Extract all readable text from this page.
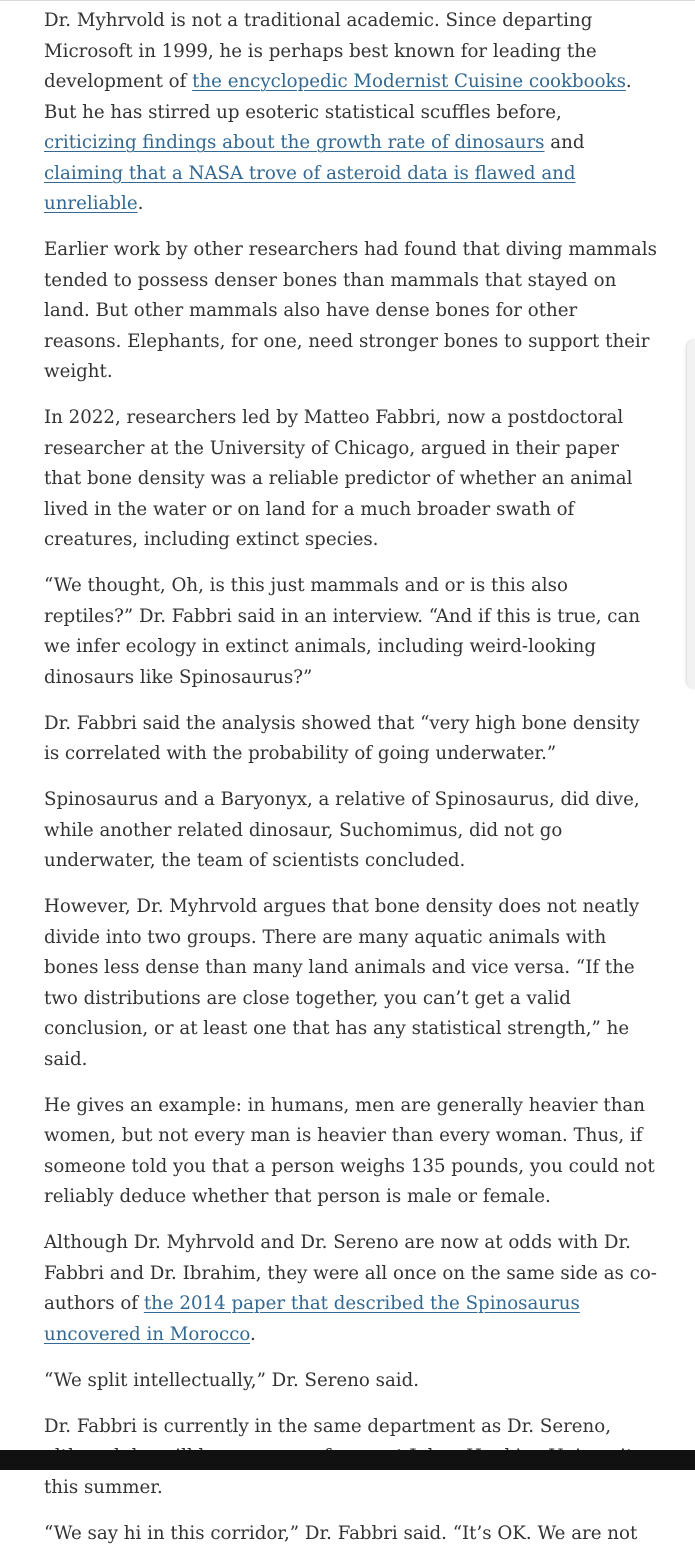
Dr. Myhrvold is not a traditional academic. Since departing Microsoft in 1999, he is perhaps best known for leading the development of the encyclopedic Modernist Cuisine cookbooks. But he has stirred up esoteric statistical scuffles before, criticizing findings about the growth rate of dinosaurs and claiming that a NASA trove of asteroid data is flawed and unreliable.

Earlier work by other researchers had found that diving mammals tended to possess denser bones than mammals that stayed on land. But other mammals also have dense bones for other reasons. Elephants, for one, need stronger bones to support their weight.

In 2022, researchers led by Matteo Fabbri, now a postdoctoral researcher at the University of Chicago, argued in their paper that bone density was a reliable predictor of whether an animal lived in the water or on land for a much broader swath of creatures, including extinct species.

“We thought, Oh, is this just mammals and or is this also reptiles?” Dr. Fabbri said in an interview. “And if this is true, can we infer ecology in extinct animals, including weird-looking dinosaurs like Spinosaurus?”

Dr. Fabbri said the analysis showed that “very high bone density is correlated with the probability of going underwater.”

Spinosaurus and a Baryonyx, a relative of Spinosaurus, did dive, while another related dinosaur, Suchomimus, did not go underwater, the team of scientists concluded.

However, Dr. Myhrvold argues that bone density does not neatly divide into two groups. There are many aquatic animals with bones less dense than many land animals and vice versa. “If the two distributions are close together, you can’t get a valid conclusion, or at least one that has any statistical strength,” he said.

He gives an example: in humans, men are generally heavier than women, but not every man is heavier than every woman. Thus, if someone told you that a person weighs 135 pounds, you could not reliably deduce whether that person is male or female.

Although Dr. Myhrvold and Dr. Sereno are now at odds with Dr. Fabbri and Dr. Ibrahim, they were all once on the same side as co-authors of the 2014 paper that described the Spinosaurus uncovered in Morocco.

“We split intellectually,” Dr. Sereno said.

Dr. Fabbri is currently in the same department as Dr. Sereno, this summer.

“We say hi in this corridor,” Dr. Fabbri said. “It’s OK. We are not
